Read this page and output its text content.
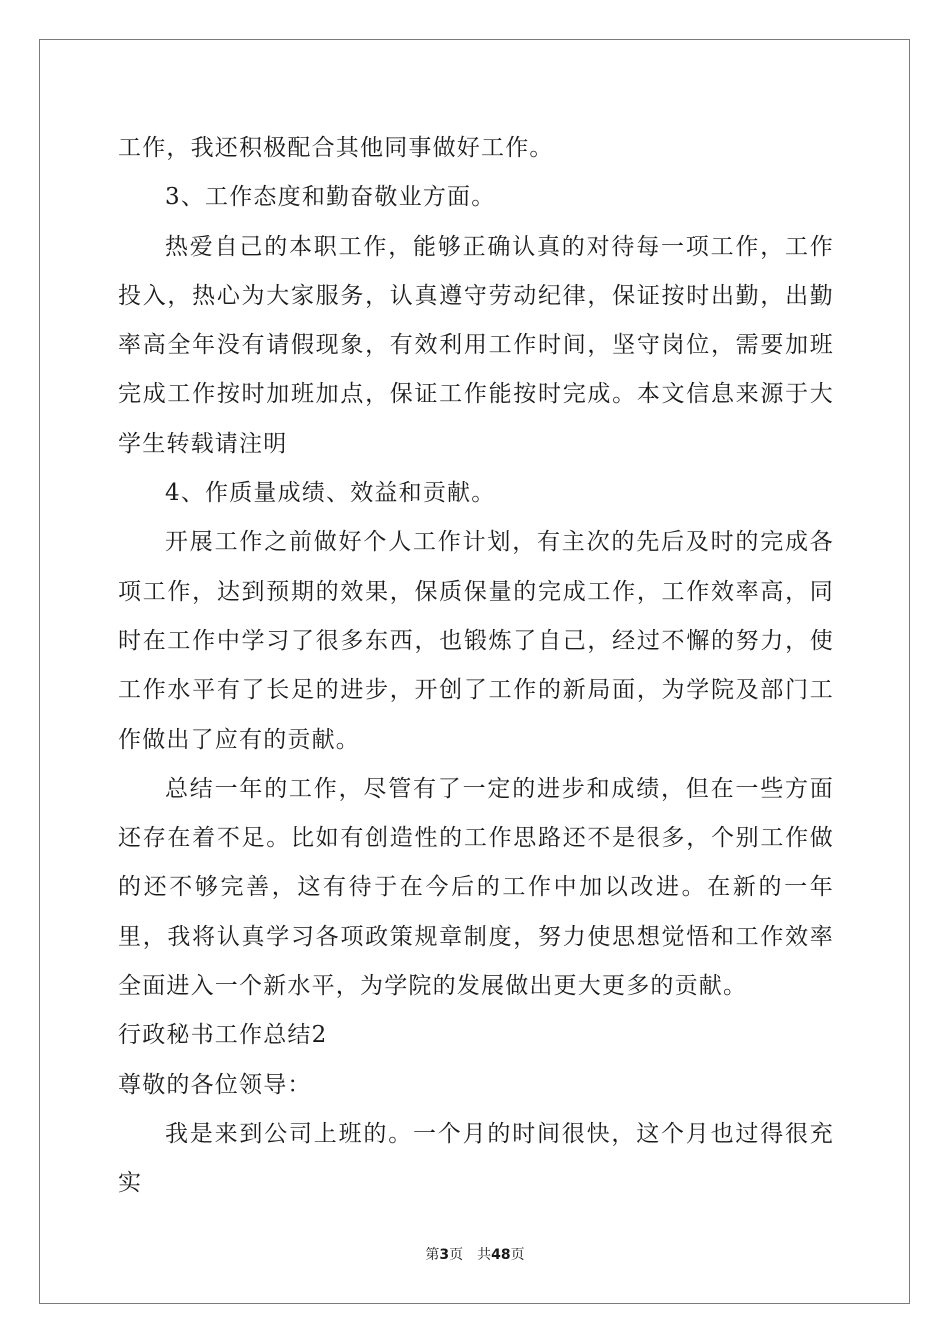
工作，我还积极配合其他同事做好工作。

3、工作态度和勤奋敬业方面。

热爱自己的本职工作，能够正确认真的对待每一项工作，工作投入，热心为大家服务，认真遵守劳动纪律，保证按时出勤，出勤率高全年没有请假现象，有效利用工作时间，坚守岗位，需要加班完成工作按时加班加点，保证工作能按时完成。本文信息来源于大学生转载请注明

4、作质量成绩、效益和贡献。

开展工作之前做好个人工作计划，有主次的先后及时的完成各项工作，达到预期的效果，保质保量的完成工作，工作效率高，同时在工作中学习了很多东西，也锻炼了自己，经过不懈的努力，使工作水平有了长足的进步，开创了工作的新局面，为学院及部门工作做出了应有的贡献。

总结一年的工作，尽管有了一定的进步和成绩，但在一些方面还存在着不足。比如有创造性的工作思路还不是很多，个别工作做的还不够完善，这有待于在今后的工作中加以改进。在新的一年里，我将认真学习各项政策规章制度，努力使思想觉悟和工作效率全面进入一个新水平，为学院的发展做出更大更多的贡献。

行政秘书工作总结2

尊敬的各位领导：

我是来到公司上班的。一个月的时间很快，这个月也过得很充实

第3页 共48页
